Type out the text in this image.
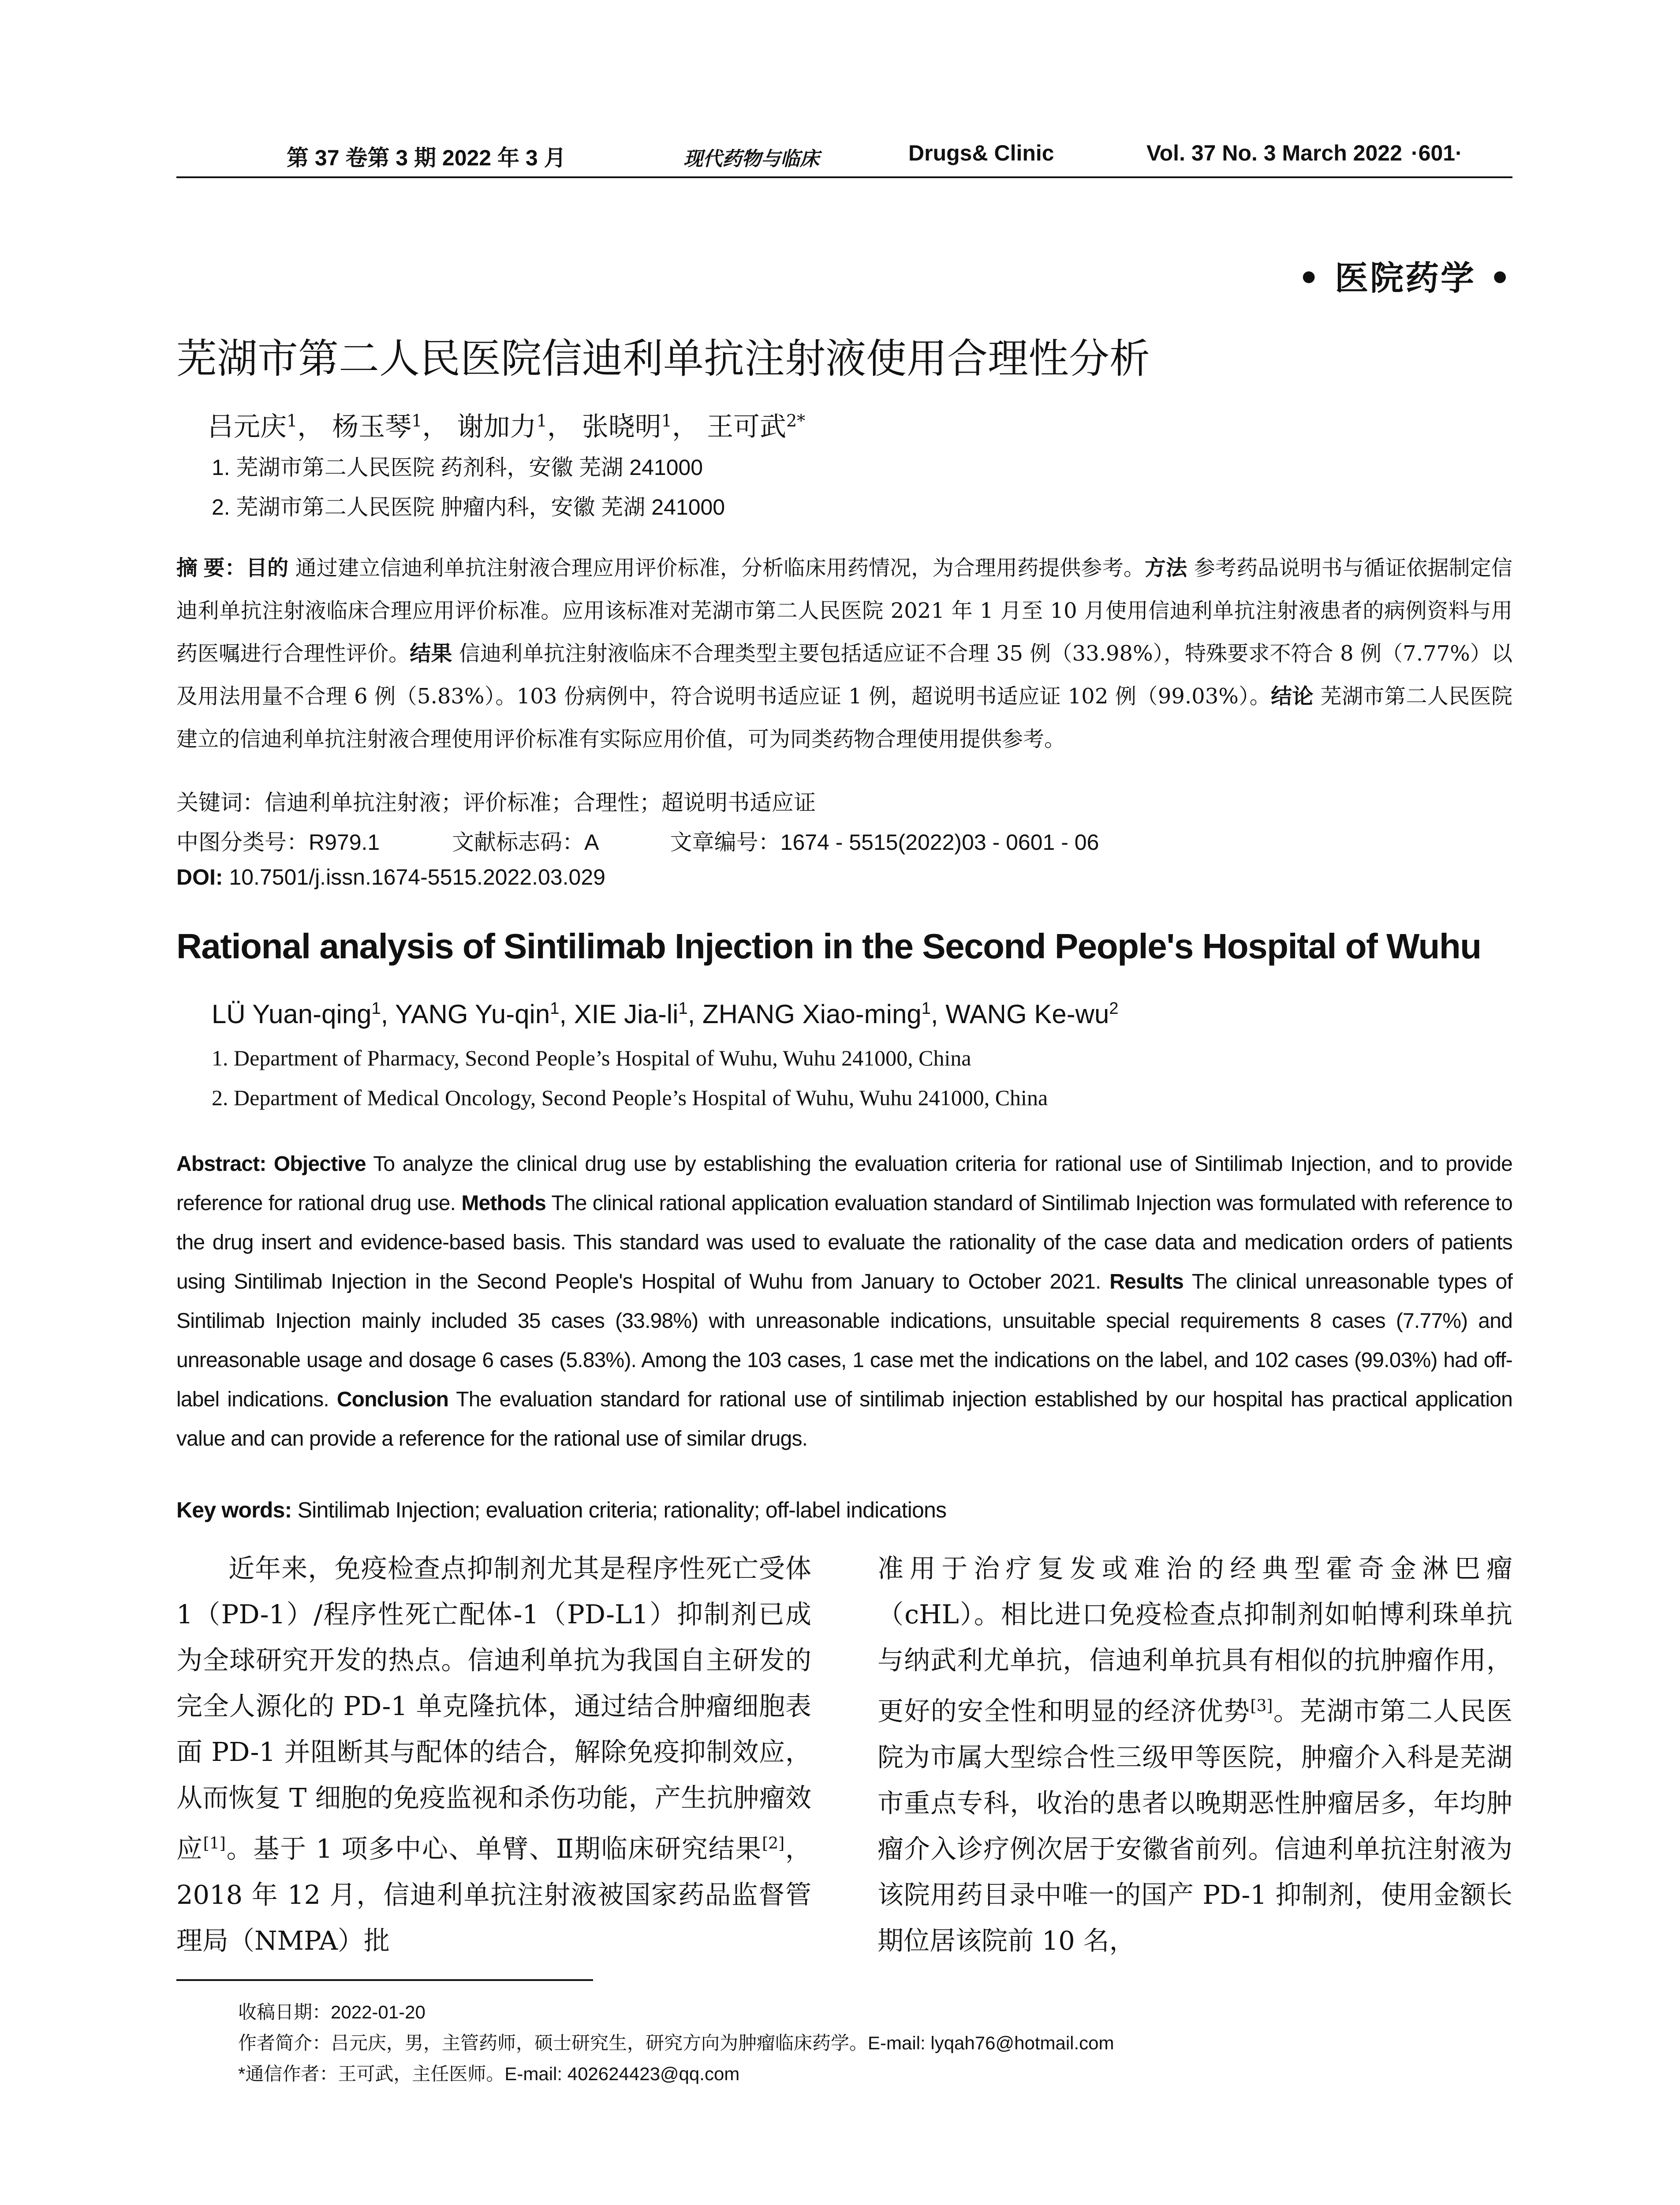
第 37 卷第 3 期 2022 年 3 月	现代药物与临床	Drugs& Clinic	Vol. 37 No. 3 March 2022 ·601·
• 医院药学 •
芜湖市第二人民医院信迪利单抗注射液使用合理性分析
吕元庆$^1$， 杨玉琴$^1$， 谢加力$^1$， 张晓明$^1$， 王可武$^{2*}$
1. 芜湖市第二人民医院 药剂科，安徽 芜湖 241000
2. 芜湖市第二人民医院 肿瘤内科，安徽 芜湖 241000
摘 要：目的 通过建立信迪利单抗注射液合理应用评价标准，分析临床用药情况，为合理用药提供参考。方法 参考药品说明书与循证依据制定信迪利单抗注射液临床合理应用评价标准。应用该标准对芜湖市第二人民医院 2021 年 1 月至 10 月使用信迪利单抗注射液患者的病例资料与用药医嘱进行合理性评价。结果 信迪利单抗注射液临床不合理类型主要包括适应证不合理 35 例（33.98%），特殊要求不符合 8 例（7.77%）以及用法用量不合理 6 例（5.83%）。103 份病例中，符合说明书适应证 1 例，超说明书适应证 102 例（99.03%）。结论 芜湖市第二人民医院建立的信迪利单抗注射液合理使用评价标准有实际应用价值，可为同类药物合理使用提供参考。
关键词：信迪利单抗注射液；评价标准；合理性；超说明书适应证
中图分类号：R979.1	文献标志码：A	文章编号：1674 - 5515(2022)03 - 0601 - 06
DOI: 10.7501/j.issn.1674-5515.2022.03.029
Rational analysis of Sintilimab Injection in the Second People's Hospital of Wuhu
LÜ Yuan-qing$^1$, YANG Yu-qin$^1$, XIE Jia-$li^1$, ZHANG Xiao-ming$^1$, WANG $Ke-wu^2$
1. Department of Pharmacy, Second People’s Hospital of Wuhu, Wuhu 241000, China
2. Department of Medical Oncology, Second People’s Hospital of Wuhu, Wuhu 241000, China
Abstract: Objective To analyze the clinical drug use by establishing the evaluation criteria for rational use of Sintilimab Injection, and to provide reference for rational drug use. Methods The clinical rational application evaluation standard of Sintilimab Injection was formulated with reference to the drug insert and evidence-based basis. This standard was used to evaluate the rationality of the case data and medication orders of patients using Sintilimab Injection in the Second People's Hospital of Wuhu from January to October 2021. Results The clinical unreasonable types of Sintilimab Injection mainly included 35 cases (33.98%) with unreasonable indications, unsuitable special requirements 8 cases (7.77%) and unreasonable usage and dosage 6 cases (5.83%). Among the 103 cases, 1 case met the indications on the label, and 102 cases (99.03%) had off-label indications. Conclusion The evaluation standard for rational use of sintilimab injection established by our hospital has practical application value and can provide a reference for the rational use of similar drugs.
Key words: Sintilimab Injection; evaluation criteria; rationality; off-label indications
近年来，免疫检查点抑制剂尤其是程序性死亡受体 1（PD-1）/程序性死亡配体-1（PD-L1）抑制剂已成为全球研究开发的热点。信迪利单抗为我国自主研发的完全人源化的 PD-1 单克隆抗体，通过结合肿瘤细胞表面 PD-1 并阻断其与配体的结合，解除免疫抑制效应，从而恢复 T 细胞的免疫监视和杀伤功能，产生抗肿瘤效应[1]。基于 1 项多中心、单臂、Ⅱ期临床研究结果[2]，2018 年 12 月，信迪利单抗注射液被国家药品监督管理局（NMPA）批
准用于治疗复发或难治的经典型霍奇金淋巴瘤（cHL）。相比进口免疫检查点抑制剂如帕博利珠单抗与纳武利尤单抗，信迪利单抗具有相似的抗肿瘤作用，更好的安全性和明显的经济优势[3]。芜湖市第二人民医院为市属大型综合性三级甲等医院，肿瘤介入科是芜湖市重点专科，收治的患者以晚期恶性肿瘤居多，年均肿瘤介入诊疗例次居于安徽省前列。信迪利单抗注射液为该院用药目录中唯一的国产 PD-1 抑制剂，使用金额长期位居该院前 10 名，
收稿日期：2022-01-20
作者简介：吕元庆，男，主管药师，硕士研究生，研究方向为肿瘤临床药学。E-mail: lyqah76@hotmail.com
*通信作者：王可武，主任医师。E-mail: 402624423@qq.com
